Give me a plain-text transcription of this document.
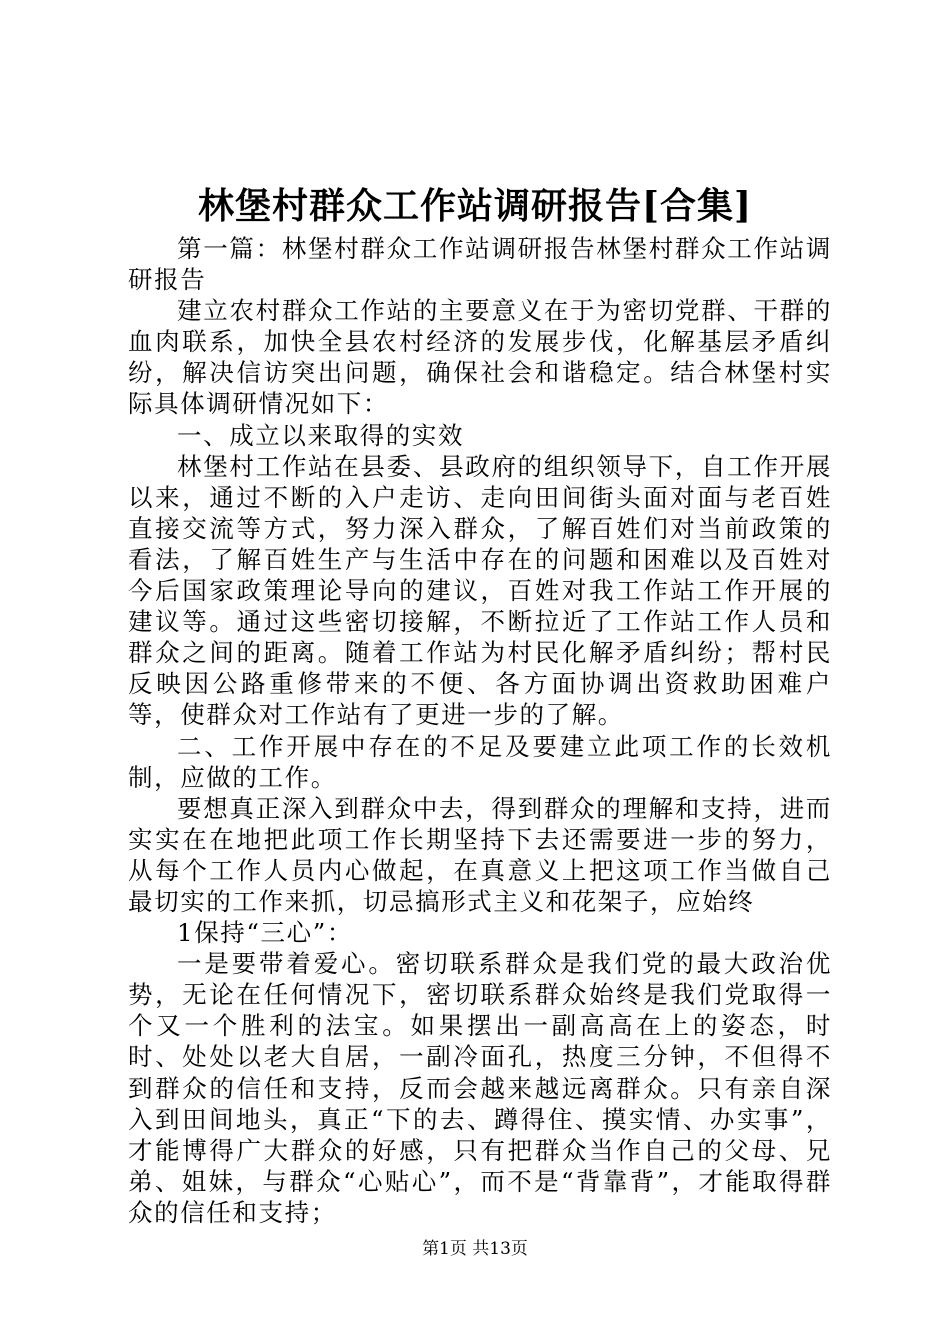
林堡村群众工作站调研报告[合集]

第一篇：林堡村群众工作站调研报告林堡村群众工作站调研报告

建立农村群众工作站的主要意义在于为密切党群、干群的血肉联系，加快全县农村经济的发展步伐，化解基层矛盾纠纷，解决信访突出问题，确保社会和谐稳定。结合林堡村实际具体调研情况如下：

一、成立以来取得的实效

林堡村工作站在县委、县政府的组织领导下，自工作开展以来，通过不断的入户走访、走向田间街头面对面与老百姓直接交流等方式，努力深入群众，了解百姓们对当前政策的看法，了解百姓生产与生活中存在的问题和困难以及百姓对今后国家政策理论导向的建议，百姓对我工作站工作开展的建议等。通过这些密切接解，不断拉近了工作站工作人员和群众之间的距离。随着工作站为村民化解矛盾纠纷；帮村民反映因公路重修带来的不便、各方面协调出资救助困难户等，使群众对工作站有了更进一步的了解。

二、工作开展中存在的不足及要建立此项工作的长效机制，应做的工作。

要想真正深入到群众中去，得到群众的理解和支持，进而实实在在地把此项工作长期坚持下去还需要进一步的努力，从每个工作人员内心做起，在真意义上把这项工作当做自己最切实的工作来抓，切忌搞形式主义和花架子，应始终

1保持“三心”：

一是要带着爱心。密切联系群众是我们党的最大政治优势，无论在任何情况下，密切联系群众始终是我们党取得一个又一个胜利的法宝。如果摆出一副高高在上的姿态，时时、处处以老大自居，一副冷面孔，热度三分钟，不但得不到群众的信任和支持，反而会越来越远离群众。只有亲自深入到田间地头，真正“下的去、蹲得住、摸实情、办实事”，才能博得广大群众的好感，只有把群众当作自己的父母、兄弟、姐妹，与群众“心贴心”，而不是“背靠背”，才能取得群众的信任和支持；

第1页 共13页
